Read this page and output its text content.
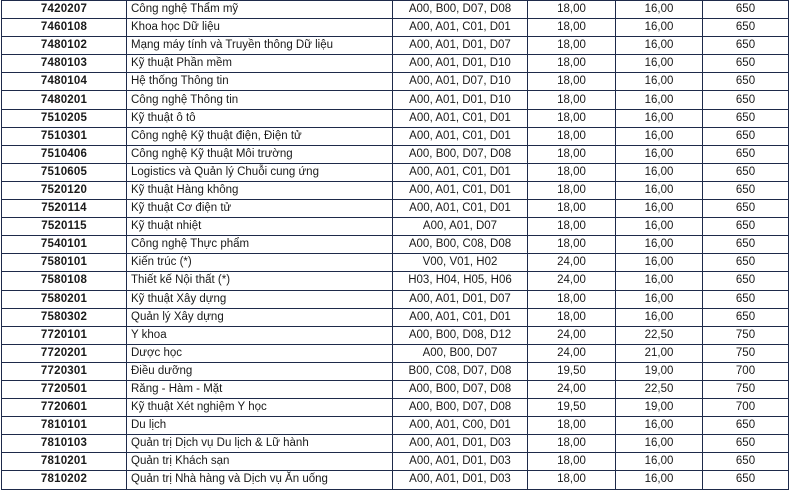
7420207	Công nghệ Thẩm mỹ	A00, B00, D07, D08	18,00	16,00	650
7460108	Khoa học Dữ liệu	A00, A01, C01, D01	18,00	16,00	650
7480102	Mạng máy tính và Truyền thông Dữ liệu	A00, A01, D01, D07	18,00	16,00	650
7480103	Kỹ thuật Phần mềm	A00, A01, D01, D10	18,00	16,00	650
7480104	Hệ thống Thông tin	A00, A01, D07, D10	18,00	16,00	650
7480201	Công nghệ Thông tin	A00, A01, D01, D10	18,00	16,00	650
7510205	Kỹ thuật ô tô	A00, A01, C01, D01	18,00	16,00	650
7510301	Công nghệ Kỹ thuật điện, Điện tử	A00, A01, C01, D01	18,00	16,00	650
7510406	Công nghệ Kỹ thuật Môi trường	A00, B00, D07, D08	18,00	16,00	650
7510605	Logistics và Quản lý Chuỗi cung ứng	A00, A01, C01, D01	18,00	16,00	650
7520120	Kỹ thuật Hàng không	A00, A01, C01, D01	18,00	16,00	650
7520114	Kỹ thuật Cơ điện tử	A00, A01, C01, D01	18,00	16,00	650
7520115	Kỹ thuật nhiệt	A00, A01, D07	18,00	16,00	650
7540101	Công nghệ Thực phẩm	A00, B00, C08, D08	18,00	16,00	650
7580101	Kiến trúc (*)	V00, V01, H02	24,00	16,00	650
7580108	Thiết kế Nội thất (*)	H03, H04, H05, H06	24,00	16,00	650
7580201	Kỹ thuật Xây dựng	A00, A01, D01, D07	18,00	16,00	650
7580302	Quản lý Xây dựng	A00, A01, C01, D01	18,00	16,00	650
7720101	Y khoa	A00, B00, D08, D12	24,00	22,50	750
7720201	Dược học	A00, B00, D07	24,00	21,00	750
7720301	Điều dưỡng	B00, C08, D07, D08	19,50	19,00	700
7720501	Răng - Hàm - Mặt	A00, B00, D07, D08	24,00	22,50	750
7720601	Kỹ thuật Xét nghiệm Y học	A00, B00, D07, D08	19,50	19,00	700
7810101	Du lịch	A00, A01, C00, D01	18,00	16,00	650
7810103	Quản trị Dịch vụ Du lịch & Lữ hành	A00, A01, D01, D03	18,00	16,00	650
7810201	Quản trị Khách sạn	A00, A01, D01, D03	18,00	16,00	650
7810202	Quản trị Nhà hàng và Dịch vụ Ăn uống	A00, A01, D01, D03	18,00	16,00	650
